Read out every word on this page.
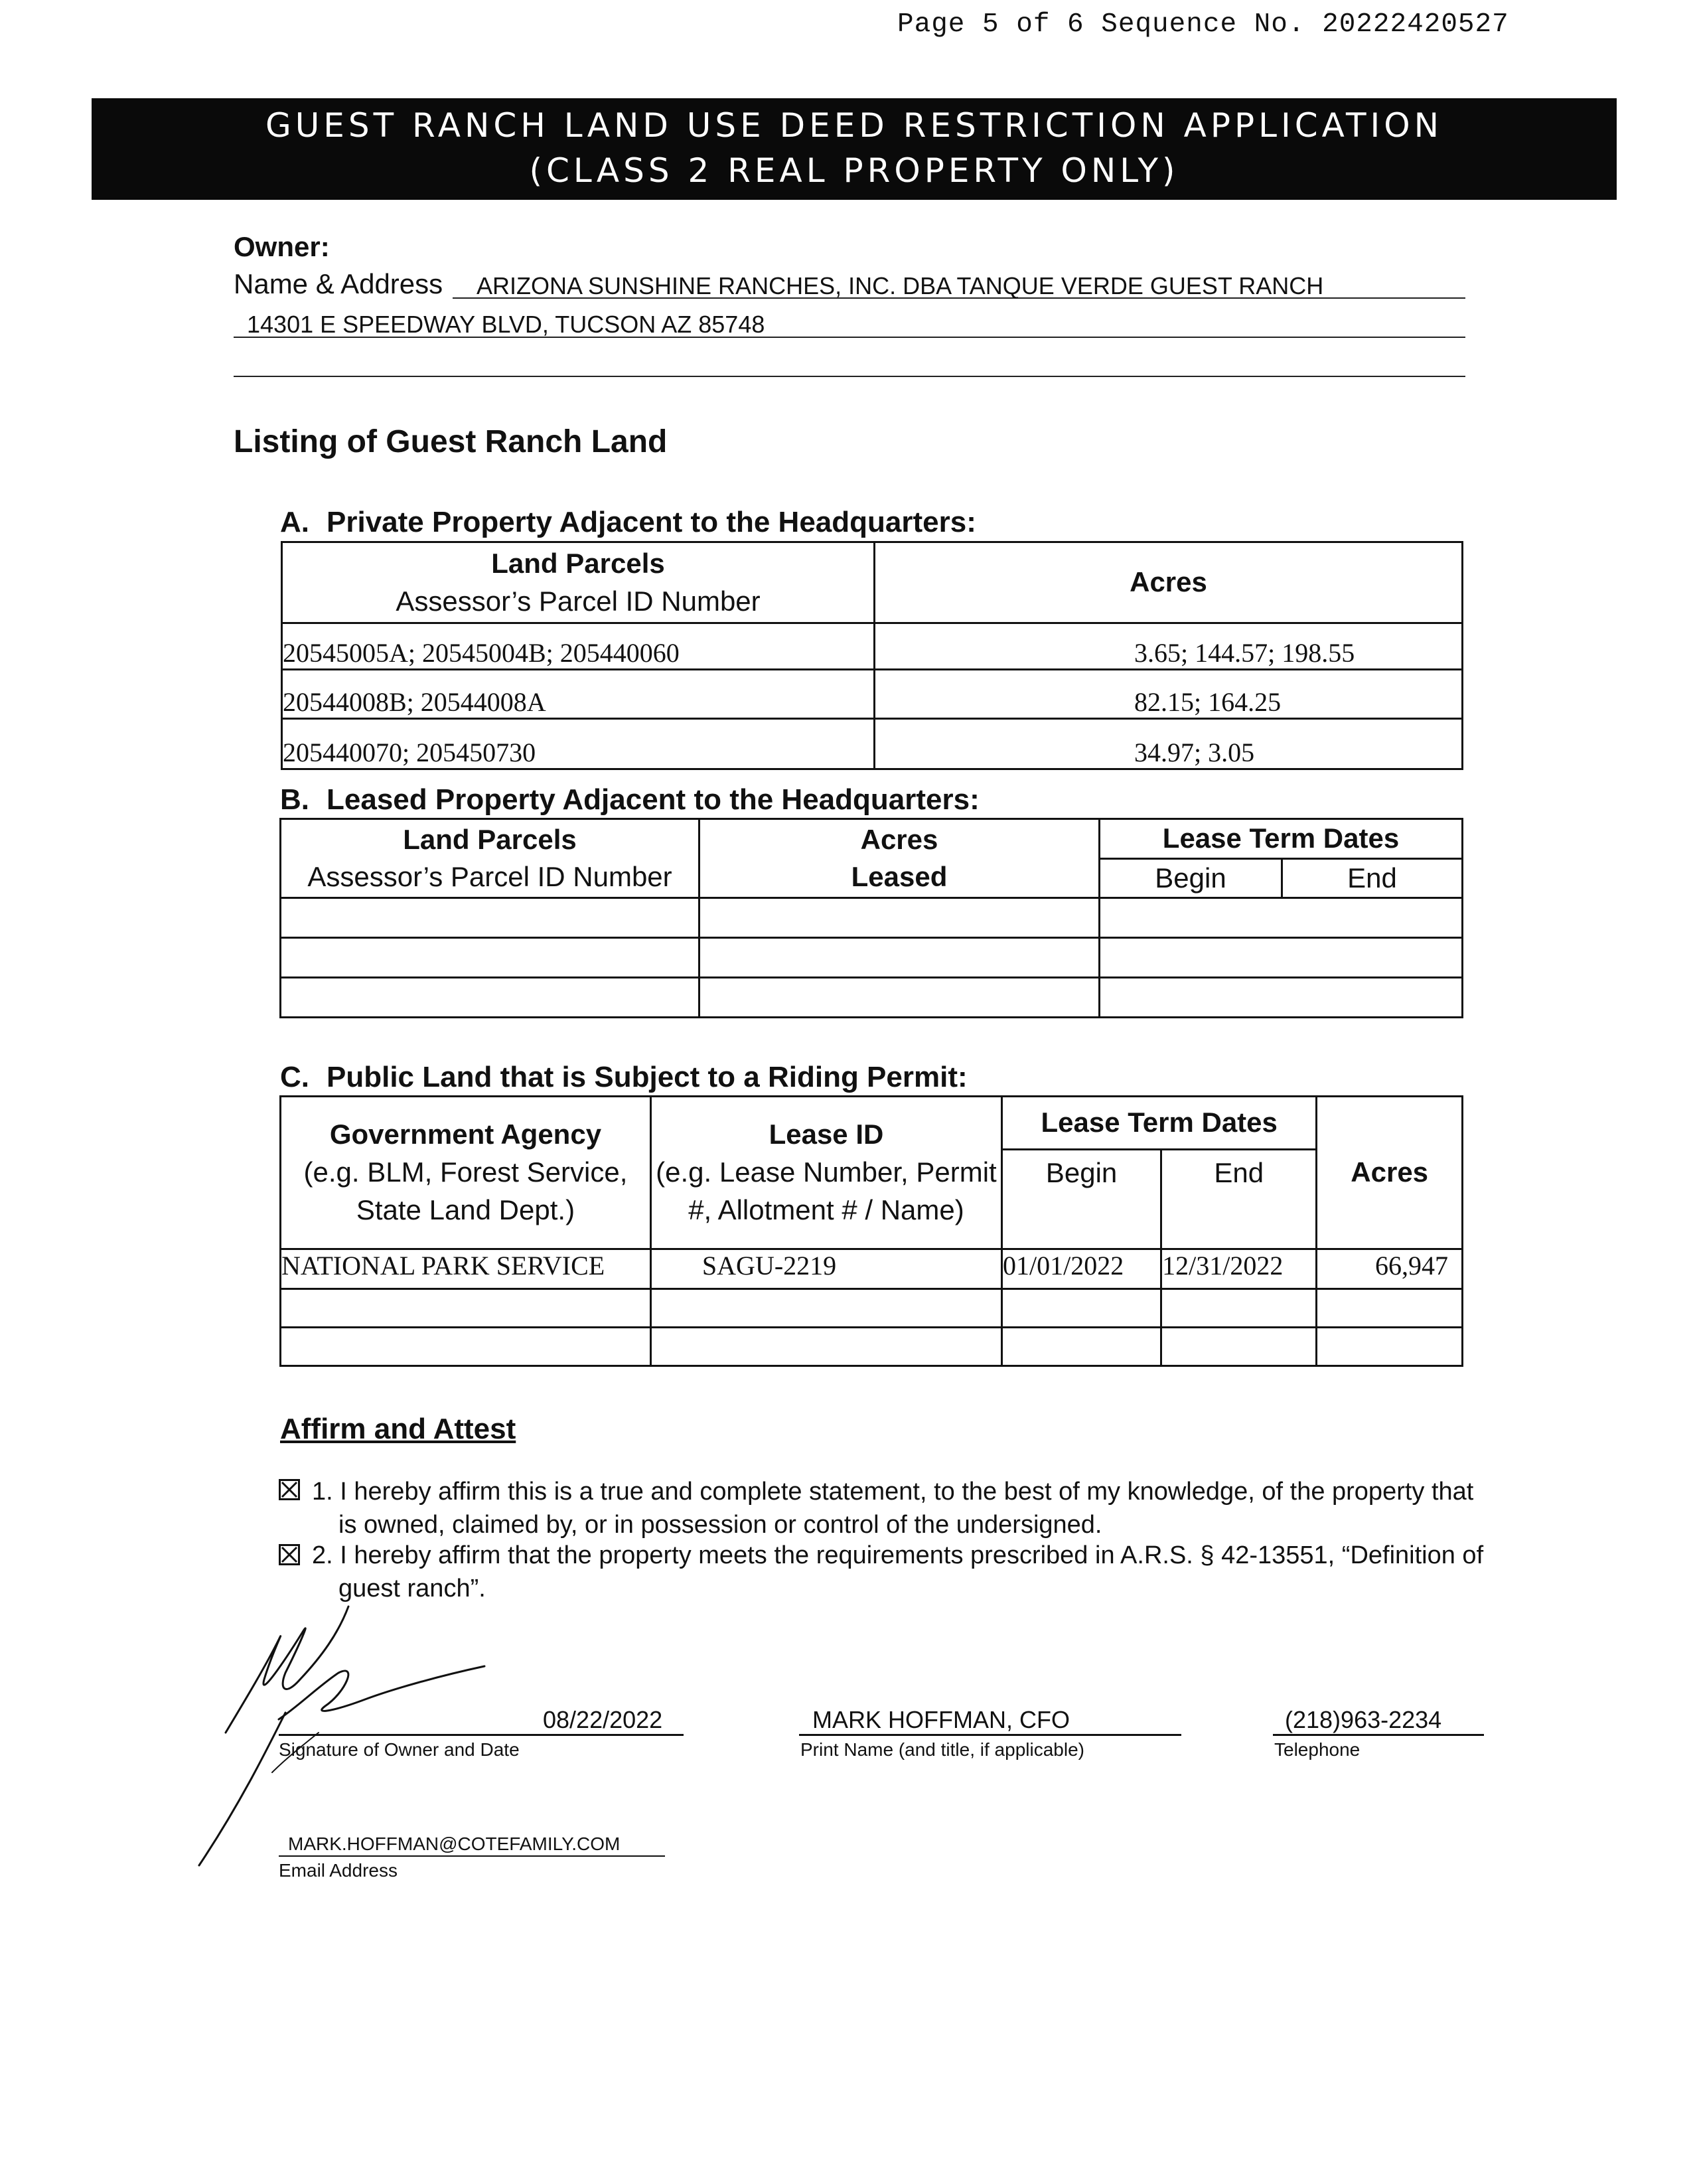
Page 5 of 6 Sequence No. 20222420527
GUEST RANCH LAND USE DEED RESTRICTION APPLICATION
(CLASS 2 REAL PROPERTY ONLY)
Owner:
Name & Address ARIZONA SUNSHINE RANCHES, INC. DBA TANQUE VERDE GUEST RANCH
14301 E SPEEDWAY BLVD, TUCSON AZ 85748
Listing of Guest Ranch Land
A. Private Property Adjacent to the Headquarters:
Land Parcels
Assessor’s Parcel ID Number	Acres
20545005A; 20545004B; 205440060	3.65; 144.57; 198.55
20544008B; 20544008A	82.15; 164.25
205440070; 205450730	34.97; 3.05
B. Leased Property Adjacent to the Headquarters:
Land Parcels
Assessor’s Parcel ID Number	Acres
Leased	Lease Term Dates	
		Begin	End

C. Public Land that is Subject to a Riding Permit:
Government Agency
(e.g. BLM, Forest Service, State Land Dept.)	Lease ID
(e.g. Lease Number, Permit #, Allotment # / Name)	Lease Term Dates		Acres
		Begin	End	
NATIONAL PARK SERVICE	SAGU-2219	01/01/2022	12/31/2022	66,947

Affirm and Attest
1. I hereby affirm this is a true and complete statement, to the best of my knowledge, of the property that is owned, claimed by, or in possession or control of the undersigned.
2. I hereby affirm that the property meets the requirements prescribed in A.R.S. § 42-13551, “Definition of guest ranch”.
08/22/2022
Signature of Owner and Date
MARK HOFFMAN, CFO
Print Name (and title, if applicable)
(218)963-2234
Telephone
MARK.HOFFMAN@COTEFAMILY.COM
Email Address
